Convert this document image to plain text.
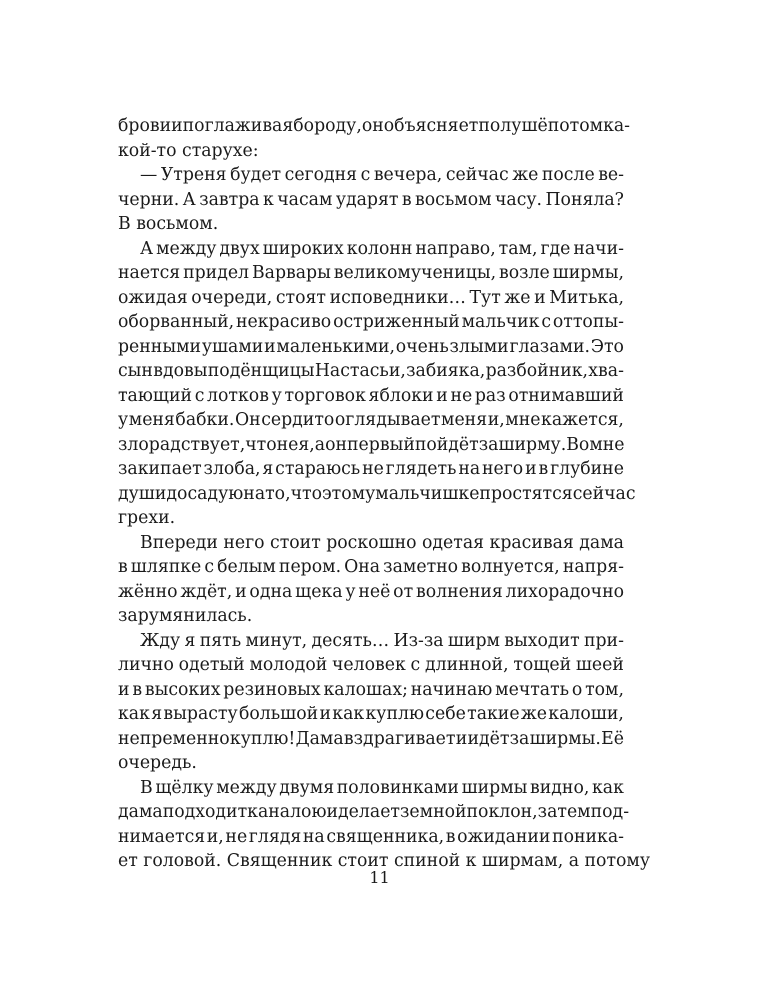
брови и поглаживая бороду, он объясняет полушёпотом ка-
кой-то старухе:
— Утреня будет сегодня с вечера, сейчас же после ве-
черни. А завтра к часам ударят в восьмом часу. Поняла?
В восьмом.
А между двух широких колонн направо, там, где начи-
нается придел Варвары великомученицы, возле ширмы,
ожидая очереди, стоят исповедники… Тут же и Митька,
оборванный, некрасиво остриженный мальчик с оттопы-
ренными ушами и маленькими, очень злыми глазами. Это
сын вдовы подёнщицы Настасьи, забияка, разбойник, хва-
тающий с лотков у торговок яблоки и не раз отнимавший
у меня бабки. Он сердито оглядывает меня и, мне кажется,
злорадствует, что не я, а он первый пойдёт за ширму. Во мне
закипает злоба, я стараюсь не глядеть на него и в глубине
души досадую на то, что этому мальчишке простятся сейчас
грехи.
Впереди него стоит роскошно одетая красивая дама
в шляпке с белым пером. Она заметно волнуется, напря-
жённо ждёт, и одна щека у неё от волнения лихорадочно
зарумянилась.
Жду я пять минут, десять… Из-за ширм выходит при-
лично одетый молодой человек с длинной, тощей шеей
и в высоких резиновых калошах; начинаю мечтать о том,
как я вырасту большой и как куплю себе такие же калоши,
непременно куплю! Дама вздрагивает и идёт за ширмы. Её
очередь.
В щёлку между двумя половинками ширмы видно, как
дама подходит к аналою и делает земной поклон, затем под-
нимается и, не глядя на священника, в ожидании поника-
ет головой. Священник стоит спиной к ширмам, а потому
11
